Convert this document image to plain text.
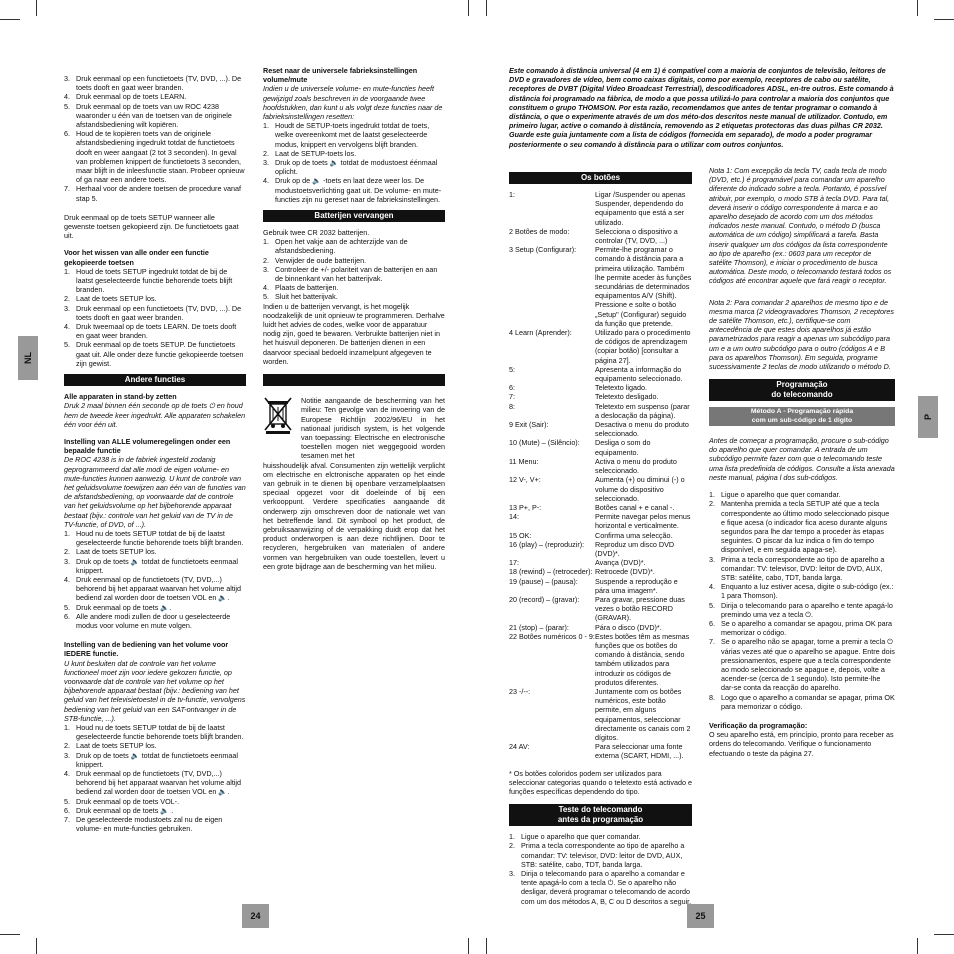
NL
P
24	25
3. Druk eenmaal op een functietoets (TV, DVD, ...). De toets dooft en gaat weer branden.
4. Druk eenmaal op de toets LEARN.
5. Druk eenmaal op de toets van uw ROC 4238 waaronder u één van de toetsen van de originele afstandsbediening wilt kopiëren.
6. Houd de te kopiëren toets van de originele afstandsbediening ingedrukt totdat de functietoets dooft en weer aangaat (2 tot 3 seconden). In geval van problemen knippert de functietoets 3 seconden, maar blijft in de inleesfunctie staan. Probeer opnieuw of ga naar een andere toets.
7. Herhaal voor de andere toetsen de procedure vanaf stap 5.

Druk eenmaal op de toets SETUP wanneer alle gewenste toetsen gekopieerd zijn. De functietoets gaat uit.

Voor het wissen van alle onder een functie gekopieerde toetsen
1. Houd de toets SETUP ingedrukt totdat de bij de laatst geselecteerde functie behorende toets blijft branden.
2. Laat de toets SETUP los.
3. Druk eenmaal op een functietoets (TV, DVD, ...). De toets dooft en gaat weer branden.
4. Druk tweemaal op de toets LEARN. De toets dooft en gaat weer branden.
5. Druk eenmaal op de toets SETUP. De functietoets gaat uit. Alle onder deze functie gekopieerde toetsen zijn gewist.
Andere functies
Alle apparaten in stand-by zetten

Druk 2 maal binnen één seconde op de toets ⏻ en houd hem de tweede keer ingedrukt. Alle apparaten schakelen één voor één uit.

Instelling van ALLE volumeregelingen onder een bepaalde functie
De ROC 4238 is in de fabriek ingesteld zodanig geprogrammeerd dat alle modi de eigen volume- en mute-functies kunnen aanwezig. U kunt de controle van het geluidsvolume toewijzen aan één van de functies van de afstandsbediening, op voorwaarde dat de controle van het geluidsvolume op het bijbehorende apparaat bestaat (bijv.: controle van het geluid van de TV in de TV-functie, of DVD, of ...).
1. Houd nu de toets SETUP totdat de bij de laatst geselecteerde functie behorende toets blijft branden.
2. Laat de toets SETUP los.
3. Druk op de toets 🔈 totdat de functietoets eenmaal knippert.
4. Druk eenmaal op de functietoets (TV, DVD,...) behorend bij het apparaat waarvan het volume altijd bediend zal worden door de toetsen VOL en 🔈.
5. Druk eenmaal op de toets 🔈.
6. Alle andere modi zullen de door u geselecteerde modus voor volume en mute volgen.
Instelling van de bediening van het volume voor IEDERE functie.
U kunt besluiten dat de controle van het volume functioneel moet zijn voor iedere gekozen functie, op voorwaarde dat de controle van het volume op het bijbehorende apparaat bestaat (bijv.: bediening van het geluid van het televisietoestel in de tv-functie, vervolgens bediening van het geluid van een SAT-ontvanger in de STB-functie, ...).
1. Houd nu de toets SETUP totdat de bij de laatst geselecteerde functie behorende toets blijft branden.
2. Laat de toets SETUP los.
3. Druk op de toets 🔈 totdat de functietoets eenmaal knippert.
4. Druk eenmaal op de functietoets (TV, DVD,...) behorend bij het apparaat waarvan het volume altijd bediend zal worden door de toetsen VOL en 🔈.
5. Druk eenmaal op de toets VOL-.
6. Druk eenmaal op de toets 🔈 .
7. De geselecteerde modustoets zal nu de eigen volume- en mute-functies gebruiken.
Reset naar de universele fabrieksinstellingen volume/mute
Indien u de universele volume- en mute-functies heeft gewijzigd zoals beschreven in de voorgaande twee hoofdstukken, dan kunt u als volgt deze functies naar de fabrieksinstellingen resetten:
1. Houdt de SETUP-toets ingedrukt totdat de toets, welke overeenkomt met de laatst geselecteerde modus, knippert en vervolgens blijft branden.
2. Laat de SETUP-toets los.
3. Druk op de toets 🔈 totdat de modustoest éénmaal oplicht.
4. Druk op de 🔈 -toets en laat deze weer los. De modustoetsverlichting gaat uit. De volume- en mute-functies zijn nu gereset naar de fabrieksinstellingen.
Batterijen vervangen
Gebruik twee CR 2032 batterijen.
1. Open het vakje aan de achterzijde van de afstandsbediening.
2. Verwijder de oude batterijen.
3. Controleer de +/- polariteit van de batterijen en aan de binnenkant van het batterijvak.
4. Plaats de batterijen.
5. Sluit het batterijvak.

Indien u de batterijen vervangt, is het mogelijk noodzakelijk de unit opnieuw te programmeren. Derhalve luidt het advies de codes, welke voor de apparatuur nodig zijn, goed te bewaren. Verbruikte batterijen niet in het huisvuil deponeren. De batterijen dienen in een daarvoor speciaal bedoeld inzamelpunt afgegeven te worden.

Notitie aangaande de bescherming van het milieu: Ten gevolge van de invoering van de Europese Richtlijn 2002/96/EU in het nationaal juridisch system, is het volgende van toepassing: Electrische en electronische toestellen mogen niet weggegooid worden tesamen met het
huisshoudelijk afval. Consumenten zijn wettelijk verplicht om electrische en elctronische apparaten op het einde van gebruik in te dienen bij openbare verzamelplaatsen speciaal opgezet voor dit doeleinde of bij een verkooppunt. Verdere specificaties aangaande dit onderwerp zijn omschreven door de nationale wet van het betreffende land. Dit symbool op het product, de gebruiksaanwijzing of de verpakking duidt erop dat het product onderworpen is aan deze richtlijnen. Door te recycleren, hergebruiken van materialen of andere vormen van hergebruiken van oude toestellen, levert u een grote bijdrage aan de bescherming van het milieu.
Este comando à distância universal (4 em 1) é compatível com a maioria de conjuntos de televisão, leitores de DVD e gravadores de vídeo, bem como caixas digitais, como por exemplo, receptores de cabo ou satélite, receptores de DVBT (Digital Video Broadcast Terrestrial), descodificadores ADSL, en-tre outros. Este comando à distância foi programado na fábrica, de modo a que possa utilizá-lo para controlar a maioria dos conjuntos que constituem o grupo THOMSON. Por esta razão, recomendamos que antes de tentar programar o comando à distância, o que o experimente através de um dos méto-dos descritos neste manual de utilizador. Contudo, em primeiro lugar, active o comando à distância, removendo as 2 etiquetas protectoras das duas pilhas CR 2032. Guarde este guia juntamente com a lista de códigos (fornecida em separado), de modo a poder programar posteriormente o seu comando à distância para o utilizar com outros conjuntos.
Os botões
1:	Ligar /Suspender ou apenas Suspender, dependendo do equipamento que está a ser utilizado.
2 Botões de modo:	Selecciona o dispositivo a controlar (TV, DVD, ...)
3 Setup (Configurar):	Permite-lhe programar o comando à distância para a primeira utilização. Também lhe permite aceder às funções secundárias de determinados equipamentos A/V (Shift). Pressione e solte o botão „Setup" (Configurar) seguido da função que pretende.
4 Learn (Aprender):	Utilizado para o procedimento de códigos de aprendizagem (copiar botão) [consultar a página 27].
5:	Apresenta a informação do equipamento seleccionado.
6:	Teletexto ligado.
7:	Teletexto desligado.
8:	Teletexto em suspenso (parar a deslocação da página).
9 Exit (Sair):	Desactiva o menu do produto seleccionado.
10 (Mute) – (Silêncio):	Desliga o som do equipamento.
11 Menu:	Activa o menu do produto seleccionado.
12 V-, V+:	Aumenta (+) ou diminui (-) o volume do dispositivo seleccionado.
13 P+, P-:	Botões canal + e canal -.
14:	Permite navegar pelos menus horizontal e verticalmente.
15 OK:	Confirma uma selecção.
16 (play) – (reproduzir):	Reproduz um disco DVD (DVD)*.
17:	Avança (DVD)*.
18 (rewind) – (retroceder): Retrocede (DVD)*.
19 (pause) – (pausa):	Suspende a reprodução e pára uma imagem*.
20 (record) – (gravar):	Para gravar, pressione duas vezes o botão RECORD (GRAVAR).
21 (stop) – (parar):	Pára o disco (DVD)*.
22 Botões numéricos 0 - 9: Estes botões têm as mesmas funções que os botões do comando à distância, sendo também utilizados para introduzir os códigos de produtos diferentes.
23 -/--:	Juntamente com os botões numéricos, este botão permite, em alguns equipamentos, seleccionar directamente os canais com 2 dígitos.
24 AV:	Para seleccionar uma fonte externa (SCART, HDMI, ...).

* Os botões coloridos podem ser utilizados para seleccionar categorias quando o teletexto está activado e funções específicas dependendo do tipo.

Teste do telecomando
antes da programação
1. Ligue o aparelho que quer comandar.
2. Prima a tecla correspondente ao tipo de aparelho a comandar: TV: televisor, DVD: leitor de DVD, AUX, STB: satélite, cabo, TDT, banda larga.
3. Dirija o telecomando para o aparelho a comandar e tente apagá-lo com a tecla ⏻. Se o aparelho não desligar, deverá programar o telecomando de acordo com um dos métodos A, B, C ou D descritos a seguir.

Nota 1: Com excepção da tecla TV, cada tecla de modo (DVD, etc.) é programável para comandar um aparelho diferente do indicado sobre a tecla. Portanto, é possível atribuir, por exemplo, o modo STB à tecla DVD. Para tal, deverá inserir o código correspondente à marca e ao aparelho desejado de acordo com um dos métodos indicados neste manual. Contudo, o método D (busca automática de um código) simplificará a tarefa. Basta inserir qualquer um dos códigos da lista correspondente ao tipo de aparelho (ex.: 0603 para um receptor de satélite Thomson), e iniciar o procedimento de busca automática. Deste modo, o telecomando testará todos os códigos até encontrar aquele que fará reagir o receptor.

Nota 2: Para comandar 2 aparelhos de mesmo tipo e de mesma marca (2 videogravadores Thomson, 2 receptores de satélite Thomson, etc.), certifique-se com antecedência de que estes dois aparelhos já estão parametrizados para reagir a apenas um subcódigo para um e a um outro subcódigo para o outro (códigos A e B para os aparelhos Thomson). Em seguida, programe sucessivamente 2 teclas de modo utilizando o método D.

Programação
do telecomando
Método A - Programação rápida
com um sub-código de 1 dígito

Antes de começar a programação, procure o sub-código do aparelho que quer comandar. A entrada de um subcódigo permite fazer com que o telecomando teste uma lista predefinida de códigos. Consulte a lista anexada neste manual, página l dos sub-códigos.

1. Ligue o aparelho que quer comandar.
2. Mantenha premida a tecla SETUP até que a tecla correspondente ao último modo seleccionado pisque e fique acesa (o indicador fica aceso durante alguns segundos para lhe dar tempo a proceder às etapas seguintes. O piscar da luz indica o fim do tempo disponível, e em seguida apaga-se).
3. Prima a tecla correspondente ao tipo de aparelho a comandar: TV: televisor, DVD: leitor de DVD, AUX, STB: satélite, cabo, TDT, banda larga.
4. Enquanto a luz estiver acesa, digite o sub-código (ex.: 1 para Thomson).
5. Dirija o telecomando para o aparelho e tente apagá-lo premindo uma vez a tecla ⏻.
6. Se o aparelho a comandar se apagou, prima OK para memorizar o código.
7. Se o aparelho não se apagar, torne a premir a tecla ⏻ várias vezes até que o aparelho se apague. Entre dois pressionamentos, espere que a tecla correspondente ao modo seleccionado se apague e, depois, volte a acender-se (cerca de 1 segundo). Isto permite-lhe dar-se conta da reacção do aparelho.
8. Logo que o aparelho a comandar se apagar, prima OK para memorizar o código.
Verificação da programação:
O seu aparelho está, em princípio, pronto para receber as ordens do telecomando. Verifique o funcionamento efectuando o teste da página 27.
